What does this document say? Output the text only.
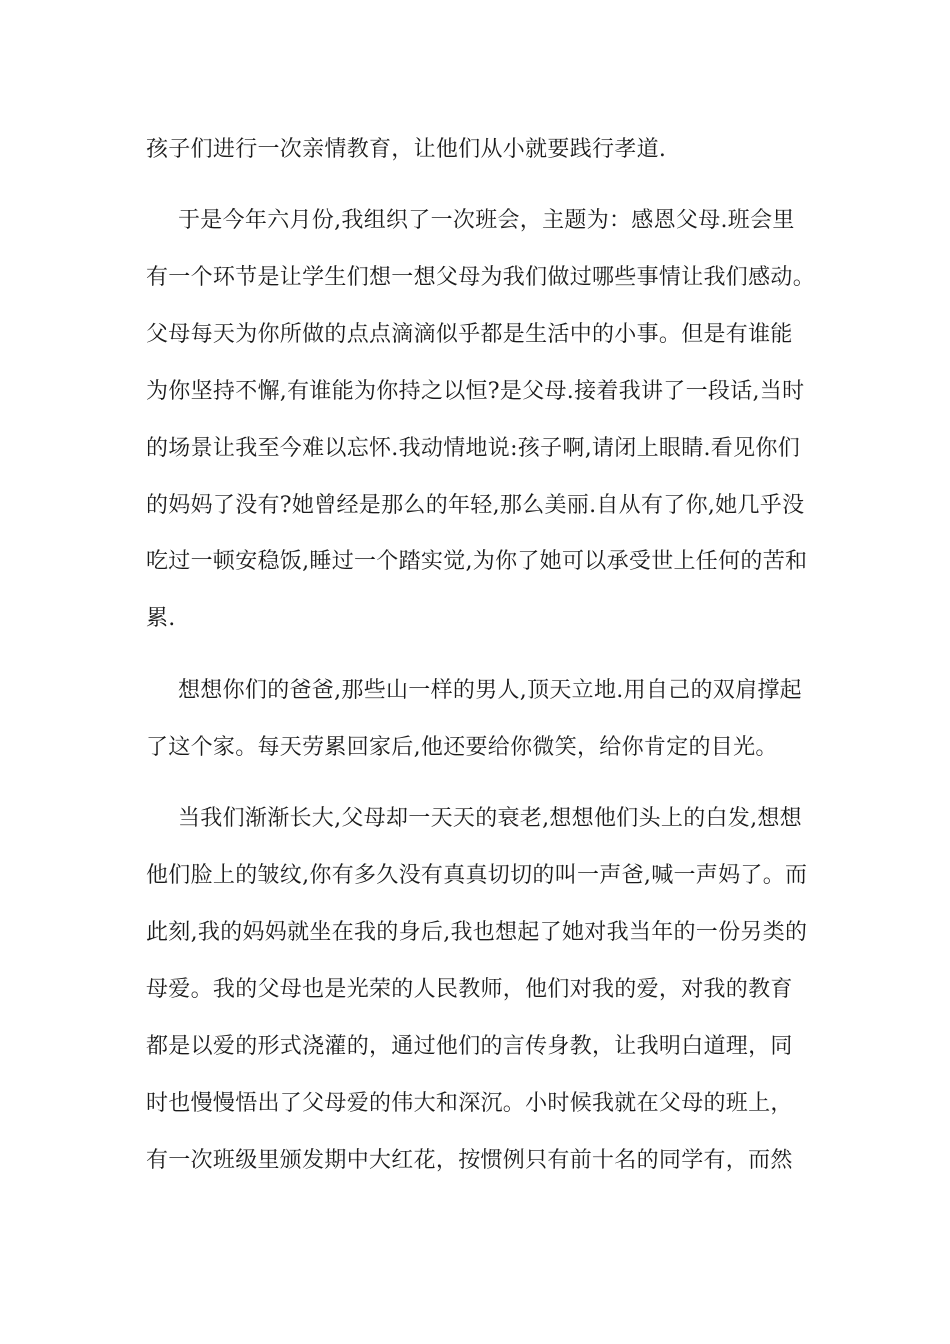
孩子们进行一次亲情教育，让他们从小就要践行孝道.
于是今年六月份,我组织了一次班会，主题为：感恩父母.班会里
有一个环节是让学生们想一想父母为我们做过哪些事情让我们感动。
父母每天为你所做的点点滴滴似乎都是生活中的小事。但是有谁能
为你坚持不懈,有谁能为你持之以恒?是父母.接着我讲了一段话,当时
的场景让我至今难以忘怀.我动情地说:孩子啊,请闭上眼睛.看见你们
的妈妈了没有?她曾经是那么的年轻,那么美丽.自从有了你,她几乎没
吃过一顿安稳饭,睡过一个踏实觉,为你了她可以承受世上任何的苦和
累.
想想你们的爸爸,那些山一样的男人,顶天立地.用自己的双肩撑起
了这个家。每天劳累回家后,他还要给你微笑，给你肯定的目光。
当我们渐渐长大,父母却一天天的衰老,想想他们头上的白发,想想
他们脸上的皱纹,你有多久没有真真切切的叫一声爸,喊一声妈了。而
此刻,我的妈妈就坐在我的身后,我也想起了她对我当年的一份另类的
母爱。我的父母也是光荣的人民教师，他们对我的爱，对我的教育
都是以爱的形式浇灌的，通过他们的言传身教，让我明白道理，同
时也慢慢悟出了父母爱的伟大和深沉。小时候我就在父母的班上，
有一次班级里颁发期中大红花，按惯例只有前十名的同学有，而然
